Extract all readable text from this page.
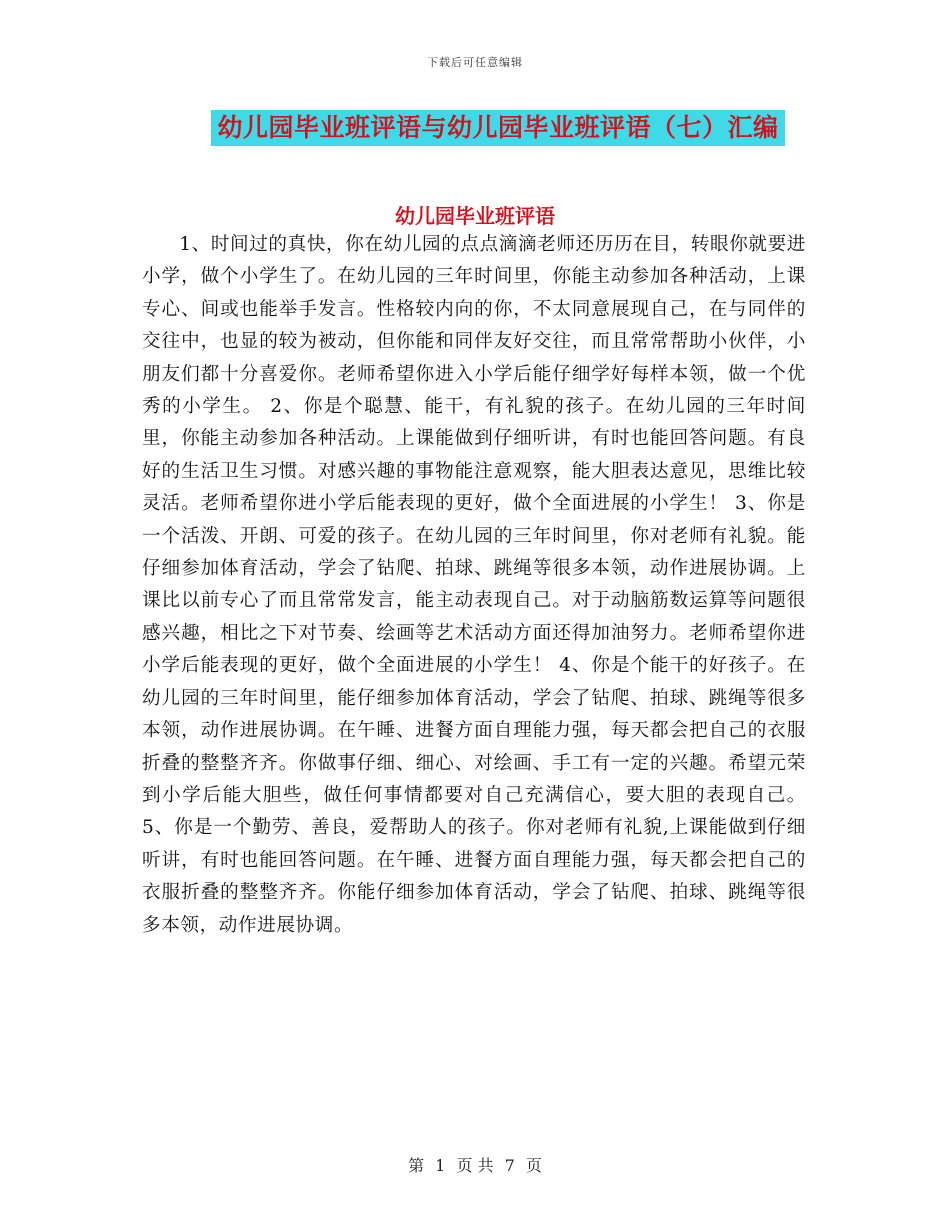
下载后可任意编辑
幼儿园毕业班评语与幼儿园毕业班评语（七）汇编
幼儿园毕业班评语

1、时间过的真快，你在幼儿园的点点滴滴老师还历历在目，转眼你就要进小学，做个小学生了。在幼儿园的三年时间里，你能主动参加各种活动，上课专心、间或也能举手发言。性格较内向的你，不太同意展现自己，在与同伴的交往中，也显的较为被动，但你能和同伴友好交往，而且常常帮助小伙伴，小朋友们都十分喜爱你。老师希望你进入小学后能仔细学好每样本领，做一个优秀的小学生。 2、你是个聪慧、能干，有礼貌的孩子。在幼儿园的三年时间里，你能主动参加各种活动。上课能做到仔细听讲，有时也能回答问题。有良好的生活卫生习惯。对感兴趣的事物能注意观察，能大胆表达意见，思维比较灵活。老师希望你进小学后能表现的更好，做个全面进展的小学生！ 3、你是一个活泼、开朗、可爱的孩子。在幼儿园的三年时间里，你对老师有礼貌。能仔细参加体育活动，学会了钻爬、拍球、跳绳等很多本领，动作进展协调。上课比以前专心了而且常常发言，能主动表现自己。对于动脑筋数运算等问题很感兴趣，相比之下对节奏、绘画等艺术活动方面还得加油努力。老师希望你进小学后能表现的更好，做个全面进展的小学生！ 4、你是个能干的好孩子。在幼儿园的三年时间里，能仔细参加体育活动，学会了钻爬、拍球、跳绳等很多本领，动作进展协调。在午睡、进餐方面自理能力强，每天都会把自己的衣服折叠的整整齐齐。你做事仔细、细心、对绘画、手工有一定的兴趣。希望元荣到小学后能大胆些，做任何事情都要对自己充满信心，要大胆的表现自己。 5、你是一个勤劳、善良，爱帮助人的孩子。你对老师有礼貌,上课能做到仔细听讲，有时也能回答问题。在午睡、进餐方面自理能力强，每天都会把自己的衣服折叠的整整齐齐。你能仔细参加体育活动，学会了钻爬、拍球、跳绳等很多本领，动作进展协调。

第 1 页 共 7 页
